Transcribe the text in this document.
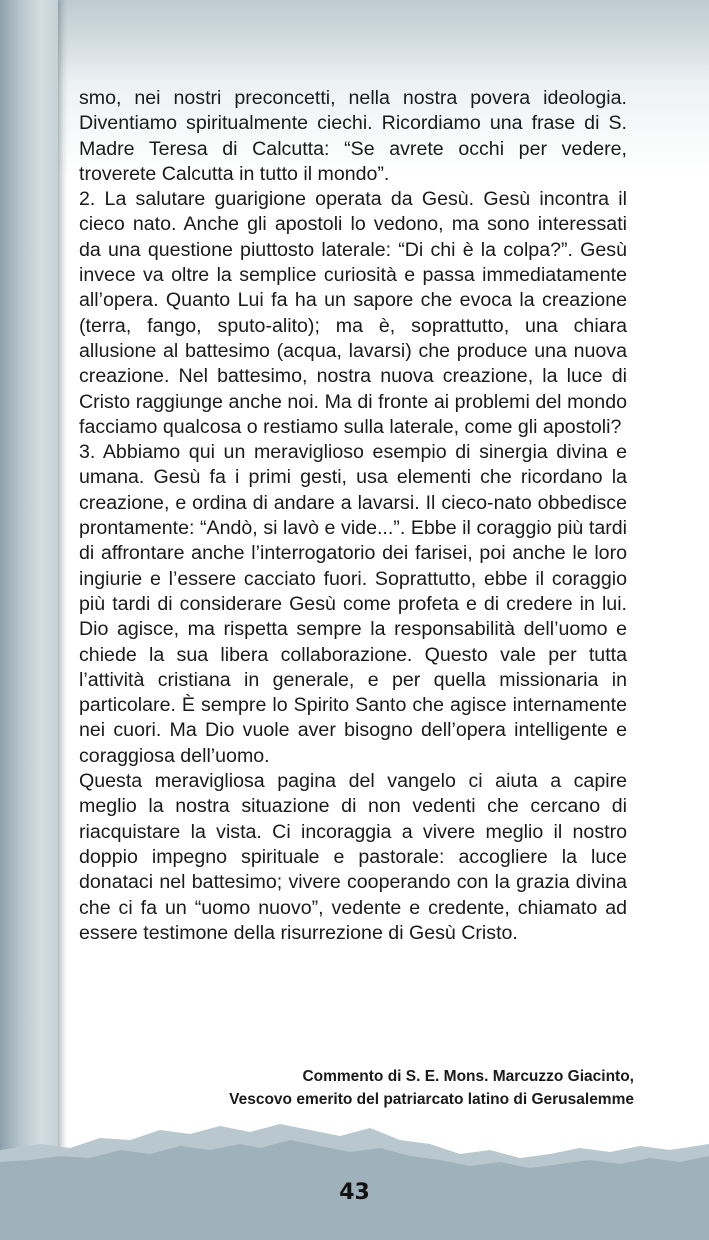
smo, nei nostri preconcetti, nella nostra povera ideologia. Diventiamo spiritualmente ciechi. Ricordiamo una frase di S. Madre Teresa di Calcutta: “Se avrete occhi per vedere, troverete Calcutta in tutto il mondo”.

2. La salutare guarigione operata da Gesù. Gesù incontra il cieco nato. Anche gli apostoli lo vedono, ma sono interessati da una questione piuttosto laterale: “Di chi è la colpa?”. Gesù invece va oltre la semplice curiosità e passa immediatamente all’opera. Quanto Lui fa ha un sapore che evoca la creazione (terra, fango, sputo-alito); ma è, soprattutto, una chiara allusione al battesimo (acqua, lavarsi) che produce una nuova creazione. Nel battesimo, nostra nuova creazione, la luce di Cristo raggiunge anche noi. Ma di fronte ai problemi del mondo facciamo qualcosa o restiamo sulla laterale, come gli apostoli?

3. Abbiamo qui un meraviglioso esempio di sinergia divina e umana. Gesù fa i primi gesti, usa elementi che ricordano la creazione, e ordina di andare a lavarsi. Il cieco-nato obbedisce prontamente: “Andò, si lavò e vide...”. Ebbe il coraggio più tardi di affrontare anche l’interrogatorio dei farisei, poi anche le loro ingiurie e l’essere cacciato fuori. Soprattutto, ebbe il coraggio più tardi di considerare Gesù come profeta e di credere in lui. Dio agisce, ma rispetta sempre la responsabilità dell’uomo e chiede la sua libera collaborazione. Questo vale per tutta l’attività cristiana in generale, e per quella missionaria in particolare. È sempre lo Spirito Santo che agisce internamente nei cuori. Ma Dio vuole aver bisogno dell’opera intelligente e coraggiosa dell’uomo.

Questa meravigliosa pagina del vangelo ci aiuta a capire meglio la nostra situazione di non vedenti che cercano di riacquistare la vista. Ci incoraggia a vivere meglio il nostro doppio impegno spirituale e pastorale: accogliere la luce donataci nel battesimo; vivere cooperando con la grazia divina che ci fa un “uomo nuovo”, vedente e credente, chiamato ad essere testimone della risurrezione di Gesù Cristo.

Commento di S. E. Mons. Marcuzzo Giacinto,
Vescovo emerito del patriarcato latino di Gerusalemme
43
